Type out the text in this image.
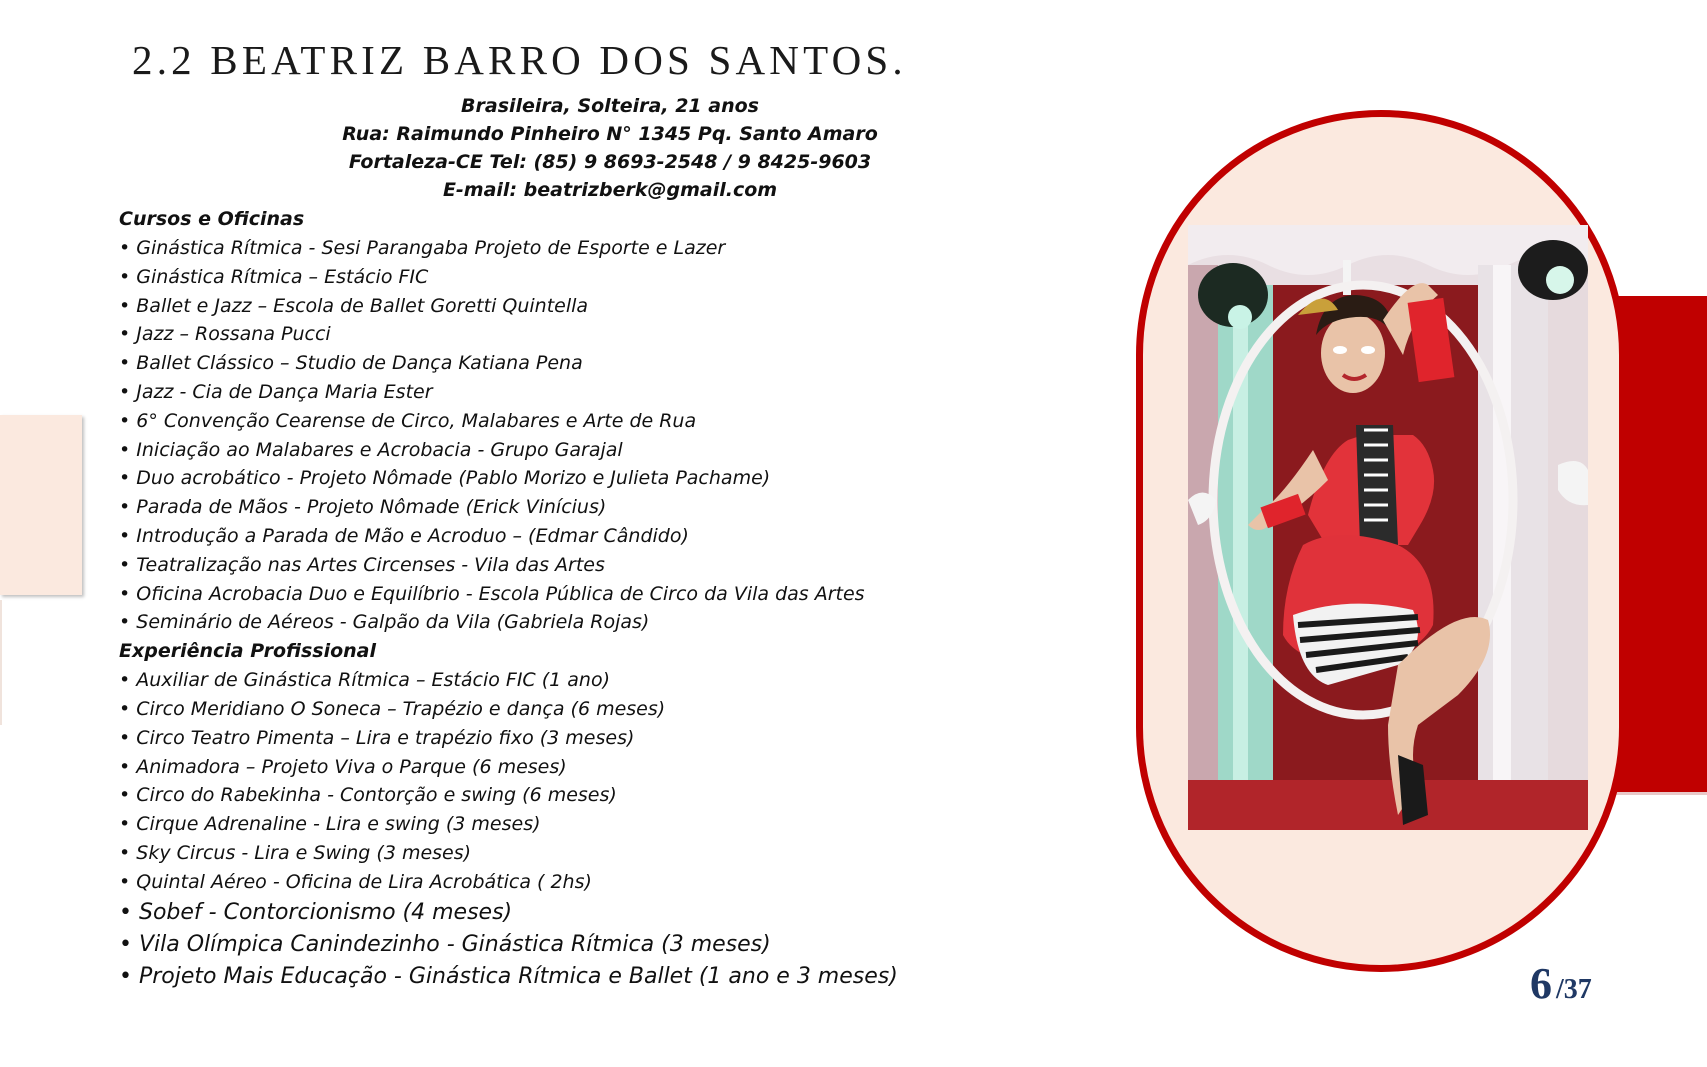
2.2 BEATRIZ BARRO DOS SANTOS.
Brasileira, Solteira, 21 anos
Rua: Raimundo Pinheiro N° 1345 Pq. Santo Amaro
Fortaleza-CE Tel: (85) 9 8693-2548 / 9 8425-9603
E-mail: beatrizberk@gmail.com
Cursos e Oficinas
• Ginástica Rítmica - Sesi Parangaba Projeto de Esporte e Lazer
• Ginástica Rítmica – Estácio FIC
• Ballet e Jazz – Escola de Ballet Goretti Quintella
• Jazz – Rossana Pucci
• Ballet Clássico – Studio de Dança Katiana Pena
• Jazz - Cia de Dança Maria Ester
• 6° Convenção Cearense de Circo, Malabares e Arte de Rua
• Iniciação ao Malabares e Acrobacia - Grupo Garajal
• Duo acrobático - Projeto Nômade (Pablo Morizo e Julieta Pachame)
• Parada de Mãos - Projeto Nômade (Erick Vinícius)
• Introdução a Parada de Mão e Acroduo – (Edmar Cândido)
• Teatralização nas Artes Circenses - Vila das Artes
• Oficina Acrobacia Duo e Equilíbrio - Escola Pública de Circo da Vila das Artes
• Seminário de Aéreos - Galpão da Vila (Gabriela Rojas)
Experiência Profissional
• Auxiliar de Ginástica Rítmica – Estácio FIC (1 ano)
• Circo Meridiano O Soneca – Trapézio e dança (6 meses)
• Circo Teatro Pimenta – Lira e trapézio fixo (3 meses)
• Animadora – Projeto Viva o Parque (6 meses)
• Circo do Rabekinha - Contorção e swing (6 meses)
• Cirque Adrenaline - Lira e swing (3 meses)
• Sky Circus - Lira e Swing (3 meses)
• Quintal Aéreo - Oficina de Lira Acrobática ( 2hs)
• Sobef - Contorcionismo (4 meses)
• Vila Olímpica Canindezinho - Ginástica Rítmica (3 meses)
• Projeto Mais Educação - Ginástica Rítmica e Ballet (1 ano e 3 meses)	6 /37
